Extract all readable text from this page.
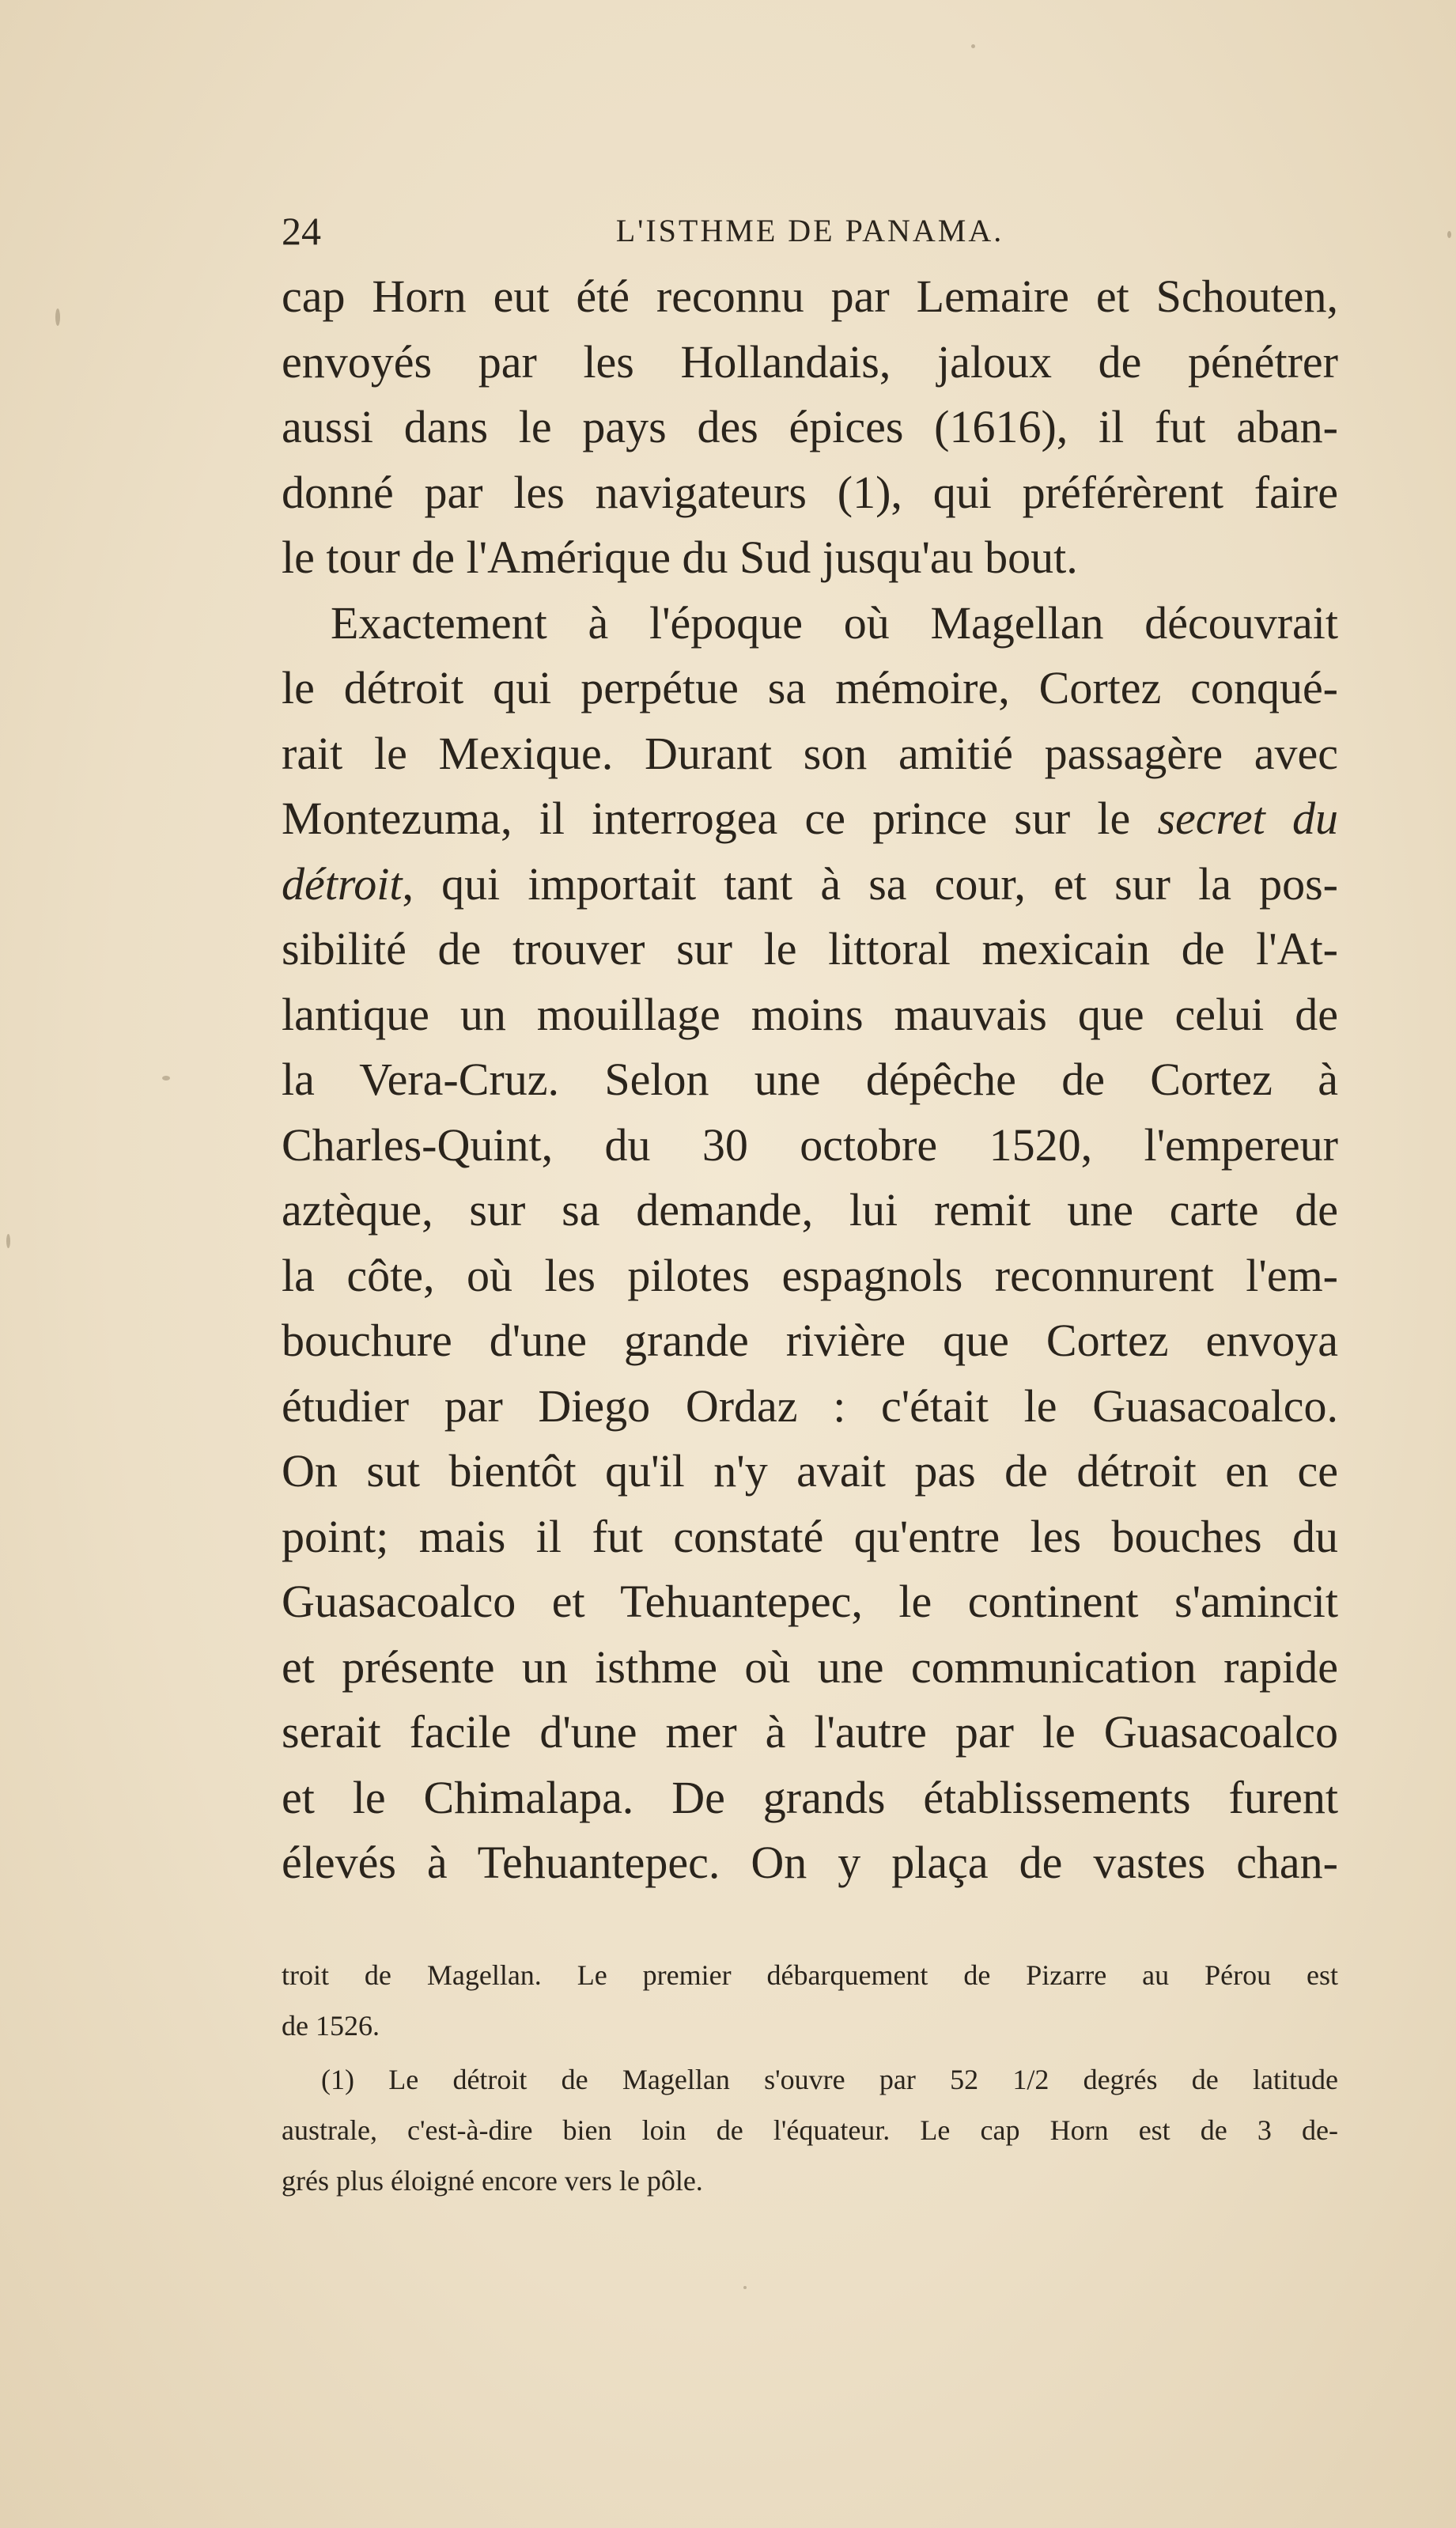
24	L'ISTHME DE PANAMA.
cap Horn eut été reconnu par Lemaire et Schouten,
envoyés par les Hollandais, jaloux de pénétrer
aussi dans le pays des épices (1616), il fut aban-
donné par les navigateurs (1), qui préférèrent faire
le tour de l'Amérique du Sud jusqu'au bout.
Exactement à l'époque où Magellan découvrait
le détroit qui perpétue sa mémoire, Cortez conqué-
rait le Mexique. Durant son amitié passagère avec
Montezuma, il interrogea ce prince sur le secret du
détroit, qui importait tant à sa cour, et sur la pos-
sibilité de trouver sur le littoral mexicain de l'At-
lantique un mouillage moins mauvais que celui de
la Vera-Cruz. Selon une dépêche de Cortez à
Charles-Quint, du 30 octobre 1520, l'empereur
aztèque, sur sa demande, lui remit une carte de
la côte, où les pilotes espagnols reconnurent l'em-
bouchure d'une grande rivière que Cortez envoya
étudier par Diego Ordaz : c'était le Guasacoalco.
On sut bientôt qu'il n'y avait pas de détroit en ce
point; mais il fut constaté qu'entre les bouches du
Guasacoalco et Tehuantepec, le continent s'amincit
et présente un isthme où une communication rapide
serait facile d'une mer à l'autre par le Guasacoalco
et le Chimalapa. De grands établissements furent
élevés à Tehuantepec. On y plaça de vastes chan-
troit de Magellan. Le premier débarquement de Pizarre au Pérou est
de 1526.
(1) Le détroit de Magellan s'ouvre par 52 1/2 degrés de latitude
australe, c'est-à-dire bien loin de l'équateur. Le cap Horn est de 3 de-
grés plus éloigné encore vers le pôle.
